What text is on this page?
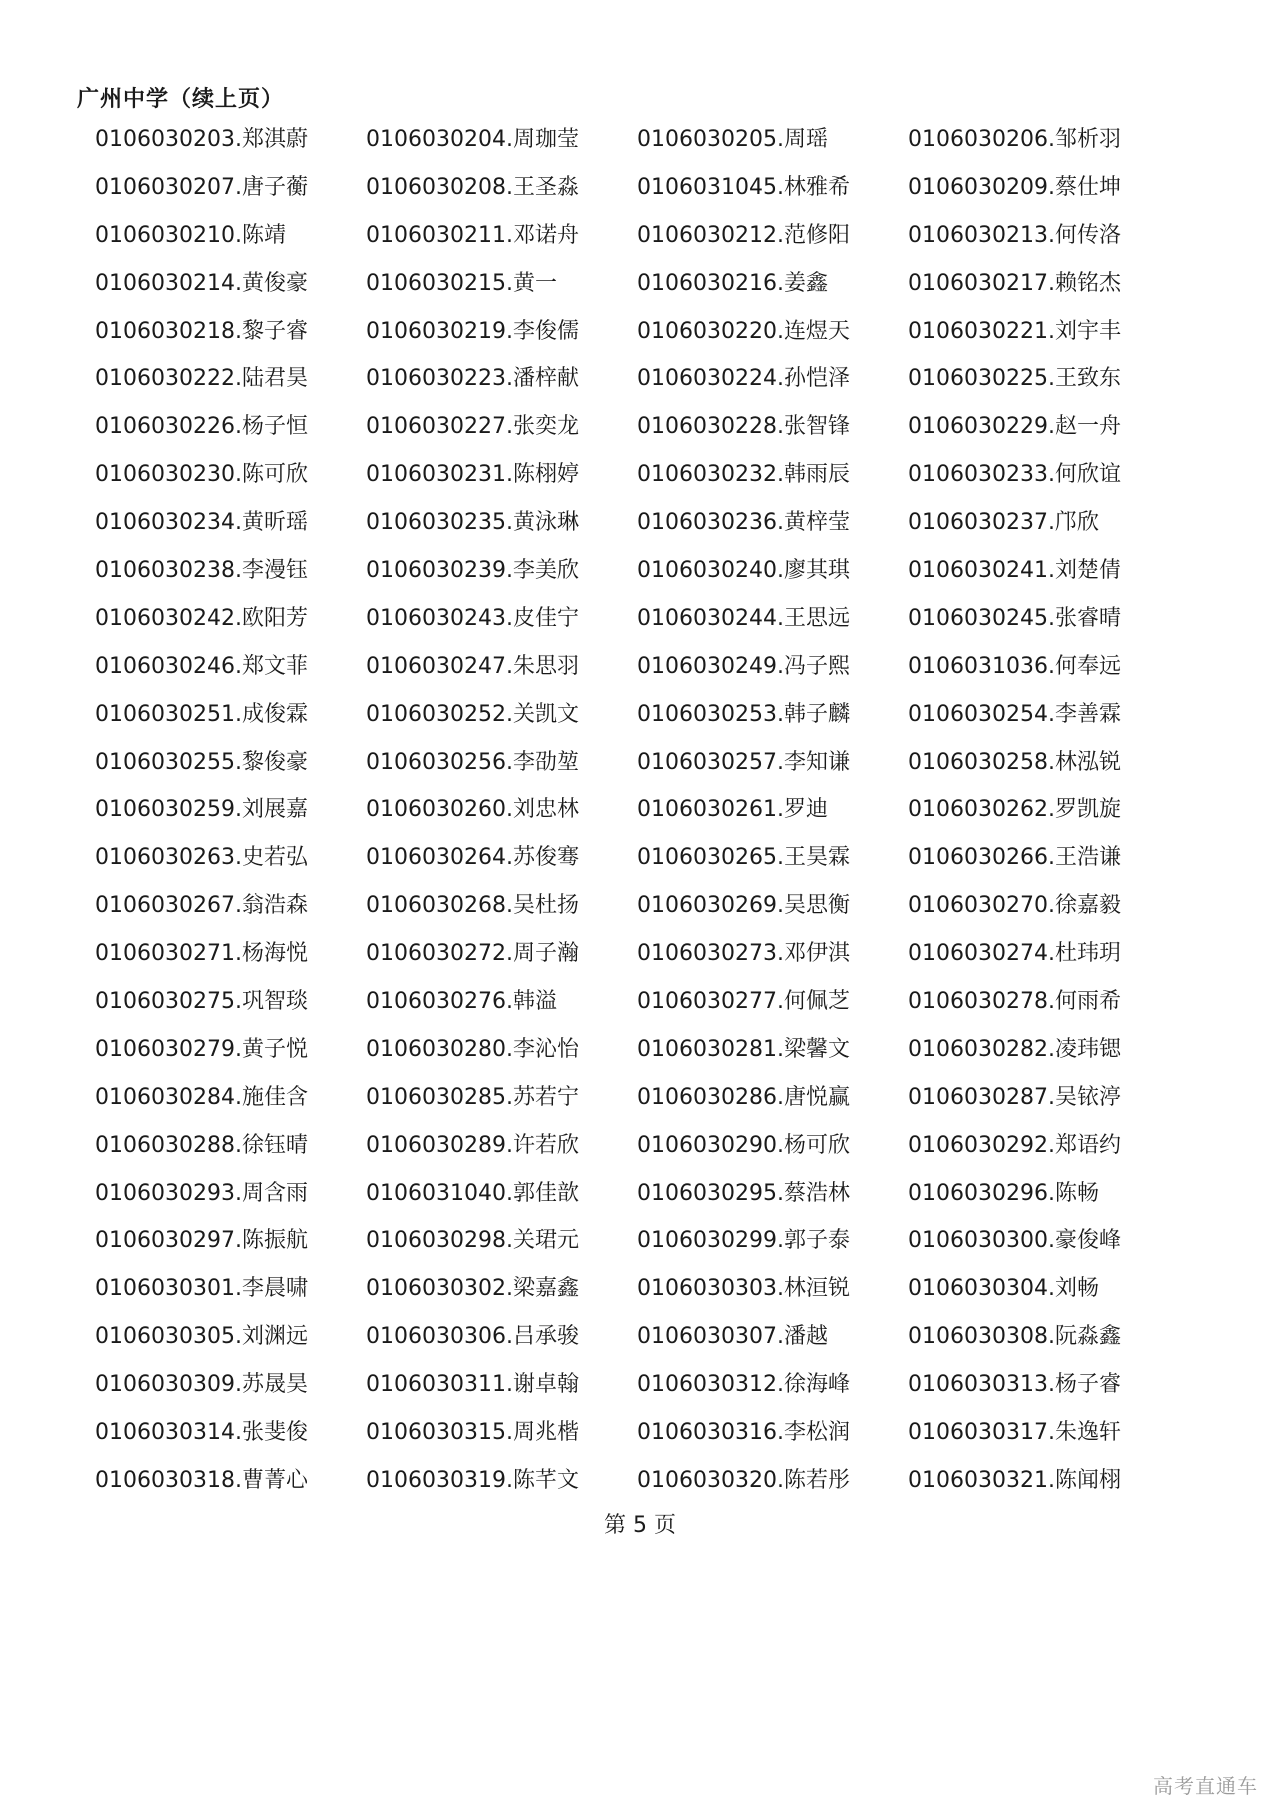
广州中学（续上页）
0106030203.郑淇蔚	0106030204.周珈莹	0106030205.周瑶	0106030206.邹析羽
0106030207.唐子蘅	0106030208.王圣淼	0106031045.林雅希	0106030209.蔡仕坤
0106030210.陈靖	0106030211.邓诺舟	0106030212.范修阳	0106030213.何传洛
0106030214.黄俊豪	0106030215.黄一	0106030216.姜鑫	0106030217.赖铭杰
0106030218.黎子睿	0106030219.李俊儒	0106030220.连煜天	0106030221.刘宇丰
0106030222.陆君昊	0106030223.潘梓献	0106030224.孙恺泽	0106030225.王致东
0106030226.杨子恒	0106030227.张奕龙	0106030228.张智锋	0106030229.赵一舟
0106030230.陈可欣	0106030231.陈栩婷	0106030232.韩雨辰	0106030233.何欣谊
0106030234.黄昕瑶	0106030235.黄泳琳	0106030236.黄梓莹	0106030237.邝欣
0106030238.李漫钰	0106030239.李美欣	0106030240.廖其琪	0106030241.刘楚倩
0106030242.欧阳芳	0106030243.皮佳宁	0106030244.王思远	0106030245.张睿晴
0106030246.郑文菲	0106030247.朱思羽	0106030249.冯子熙	0106031036.何奉远
0106030251.成俊霖	0106030252.关凯文	0106030253.韩子麟	0106030254.李善霖
0106030255.黎俊豪	0106030256.李劭堃	0106030257.李知谦	0106030258.林泓锐
0106030259.刘展嘉	0106030260.刘忠林	0106030261.罗迪	0106030262.罗凯旋
0106030263.史若弘	0106030264.苏俊骞	0106030265.王昊霖	0106030266.王浩谦
0106030267.翁浩森	0106030268.吴杜扬	0106030269.吴思衡	0106030270.徐嘉毅
0106030271.杨海悦	0106030272.周子瀚	0106030273.邓伊淇	0106030274.杜玮玥
0106030275.巩智琰	0106030276.韩溢	0106030277.何佩芝	0106030278.何雨希
0106030279.黄子悦	0106030280.李沁怡	0106030281.梁馨文	0106030282.凌玮锶
0106030284.施佳含	0106030285.苏若宁	0106030286.唐悦赢	0106030287.吴铱渟
0106030288.徐钰晴	0106030289.许若欣	0106030290.杨可欣	0106030292.郑语约
0106030293.周含雨	0106031040.郭佳歆	0106030295.蔡浩林	0106030296.陈畅
0106030297.陈振航	0106030298.关珺元	0106030299.郭子泰	0106030300.豪俊峰
0106030301.李晨啸	0106030302.梁嘉鑫	0106030303.林洹锐	0106030304.刘畅
0106030305.刘渊远	0106030306.吕承骏	0106030307.潘越	0106030308.阮淼鑫
0106030309.苏晟昊	0106030311.谢卓翰	0106030312.徐海峰	0106030313.杨子睿
0106030314.张斐俊	0106030315.周兆楷	0106030316.李松润	0106030317.朱逸轩
0106030318.曹菁心	0106030319.陈芊文	0106030320.陈若彤	0106030321.陈闻栩
第 5 页
高考直通车
